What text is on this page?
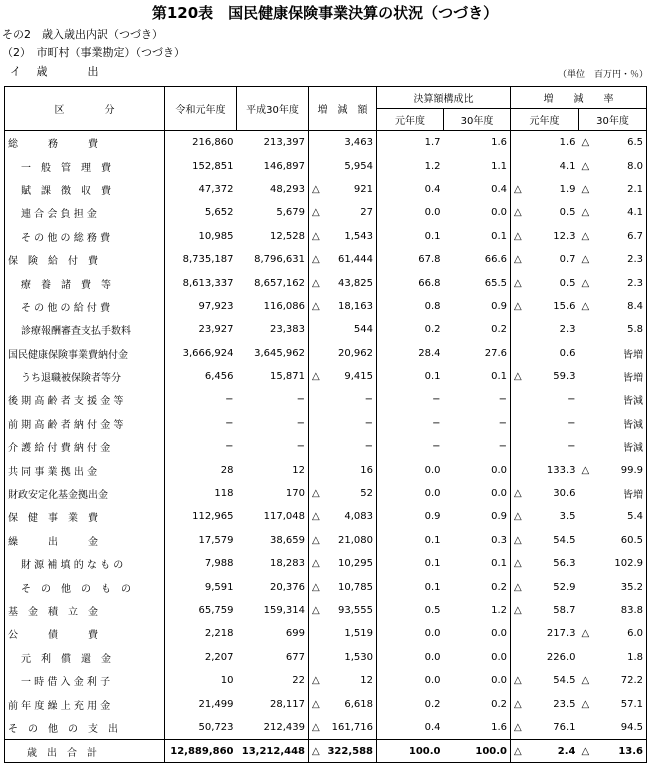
第120表　国民健康保険事業決算の状況（つづき）
その2　歳入歳出内訳（つづき）
（2）　市町村（事業勘定）（つづき）
イ 歳　　出	（単位　百万円・％）
区　　　　分	令和元年度	平成30年度	増　減　額	決算額構成比		増　　減　　率	
				元年度	30年度	元年度	30年度
総　　　務　　　費	216,860	213,397	3,463	1.7	1.6	1.6	△ 6.5
一　般　管　理　費	152,851	146,897	5,954	1.2	1.1	4.1	△ 8.0
賦　課　徴　収　費	47,372	48,293	△ 921	0.4	0.4	△ 1.9	△ 2.1
連 合 会 負 担 金	5,652	5,679	△ 27	0.0	0.0	△ 0.5	△ 4.1
そ の 他 の 総 務 費	10,985	12,528	△ 1,543	0.1	0.1	△ 12.3	△ 6.7
保　険　給　付　費	8,735,187	8,796,631	△ 61,444	67.8	66.6	△ 0.7	△ 2.3
療　養　諸　費　等	8,613,337	8,657,162	△ 43,825	66.8	65.5	△ 0.5	△ 2.3
そ の 他 の 給 付 費	97,923	116,086	△ 18,163	0.8	0.9	△ 15.6	△ 8.4
診療報酬審査支払手数料	23,927	23,383	544	0.2	0.2	2.3	5.8
国民健康保険事業費納付金	3,666,924	3,645,962	20,962	28.4	27.6	0.6	皆増
うち退職被保険者等分	6,456	15,871	△ 9,415	0.1	0.1	△ 59.3	皆増
後 期 高 齢 者 支 援 金 等	−	−	−	−	−	−	皆減
前 期 高 齢 者 納 付 金 等	−	−	−	−	−	−	皆減
介 護 給 付 費 納 付 金	−	−	−	−	−	−	皆減
共 同 事 業 拠 出 金	28	12	16	0.0	0.0	133.3	△ 99.9
財政安定化基金拠出金	118	170	△ 52	0.0	0.0	△ 30.6	皆増
保　健　事　業　費	112,965	117,048	△ 4,083	0.9	0.9	△ 3.5	5.4
繰　　　出　　　金	17,579	38,659	△ 21,080	0.1	0.3	△ 54.5	60.5
財 源 補 填 的 な も の	7,988	18,283	△ 10,295	0.1	0.1	△ 56.3	102.9
そ　の　他　の　も　の	9,591	20,376	△ 10,785	0.1	0.2	△ 52.9	35.2
基　金　積　立　金	65,759	159,314	△ 93,555	0.5	1.2	△ 58.7	83.8
公　　　債　　　費	2,218	699	1,519	0.0	0.0	217.3	△ 6.0
元　利　償　還　金	2,207	677	1,530	0.0	0.0	226.0	1.8
一 時 借 入 金 利 子	10	22	△ 12	0.0	0.0	△ 54.5	△ 72.2
前 年 度 繰 上 充 用 金	21,499	28,117	△ 6,618	0.2	0.2	△ 23.5	△ 57.1
そ　の　他　の　支　出	50,723	212,439	△ 161,716	0.4	1.6	△ 76.1	94.5
歳　出　合　計	12,889,860	13,212,448	△ 322,588	100.0	100.0	△ 2.4	△ 13.6
